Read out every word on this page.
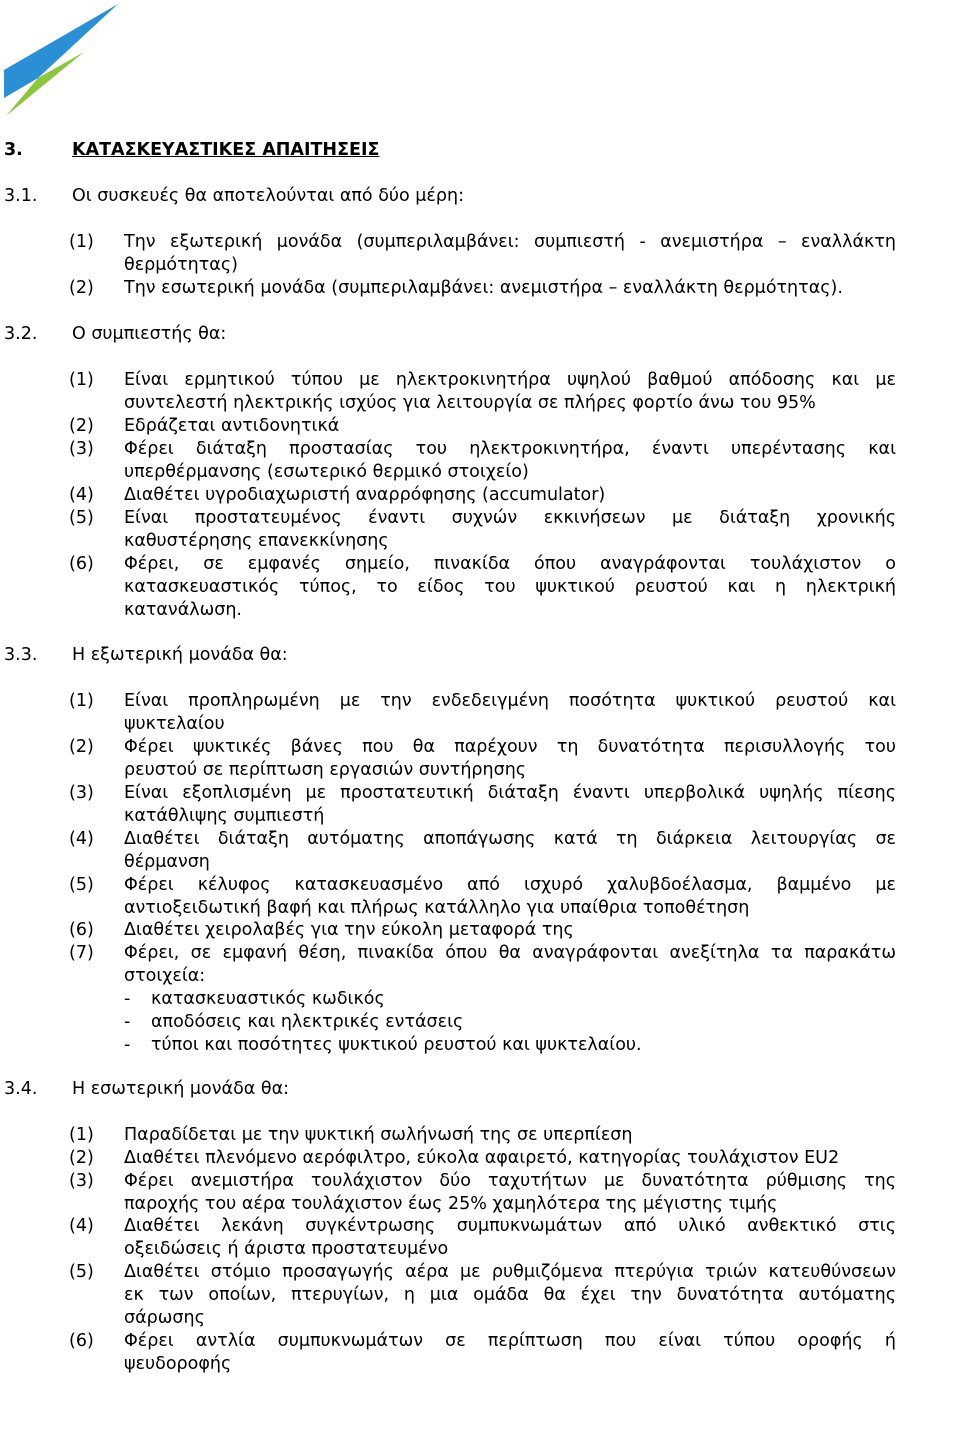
3.	ΚΑΤΑΣΚΕΥΑΣΤΙΚΕΣ ΑΠΑΙΤΗΣΕΙΣ
3.1. Οι συσκευές θα αποτελούνται από δύο μέρη:
(1) Την εξωτερική μονάδα (συμπεριλαμβάνει: συμπιεστή - ανεμιστήρα – εναλλάκτη
θερμότητας)
(2) Την εσωτερική μονάδα (συμπεριλαμβάνει: ανεμιστήρα – εναλλάκτη θερμότητας).
3.2. Ο συμπιεστής θα:
(1) Είναι ερμητικού τύπου με ηλεκτροκινητήρα υψηλού βαθμού απόδοσης και με
συντελεστή ηλεκτρικής ισχύος για λειτουργία σε πλήρες φορτίο άνω του 95%
(2) Εδράζεται αντιδονητικά
(3) Φέρει διάταξη προστασίας του ηλεκτροκινητήρα, έναντι υπερέντασης και
υπερθέρμανσης (εσωτερικό θερμικό στοιχείο)
(4) Διαθέτει υγροδιαχωριστή αναρρόφησης (accumulator)
(5) Είναι προστατευμένος έναντι συχνών εκκινήσεων με διάταξη χρονικής
καθυστέρησης επανεκκίνησης
(6) Φέρει, σε εμφανές σημείο, πινακίδα όπου αναγράφονται τουλάχιστον ο
κατασκευαστικός τύπος, το είδος του ψυκτικού ρευστού και η ηλεκτρική
κατανάλωση.
3.3. Η εξωτερική μονάδα θα:
(1) Είναι προπληρωμένη με την ενδεδειγμένη ποσότητα ψυκτικού ρευστού και
ψυκτελαίου
(2) Φέρει ψυκτικές βάνες που θα παρέχουν τη δυνατότητα περισυλλογής του
ρευστού σε περίπτωση εργασιών συντήρησης
(3) Είναι εξοπλισμένη με προστατευτική διάταξη έναντι υπερβολικά υψηλής πίεσης
κατάθλιψης συμπιεστή
(4) Διαθέτει διάταξη αυτόματης αποπάγωσης κατά τη διάρκεια λειτουργίας σε
θέρμανση
(5) Φέρει κέλυφος κατασκευασμένο από ισχυρό χαλυβδοέλασμα, βαμμένο με
αντιοξειδωτική βαφή και πλήρως κατάλληλο για υπαίθρια τοποθέτηση
(6) Διαθέτει χειρολαβές για την εύκολη μεταφορά της
(7) Φέρει, σε εμφανή θέση, πινακίδα όπου θα αναγράφονται ανεξίτηλα τα παρακάτω
στοιχεία:
- κατασκευαστικός κωδικός
- αποδόσεις και ηλεκτρικές εντάσεις
- τύποι και ποσότητες ψυκτικού ρευστού και ψυκτελαίου.
3.4. Η εσωτερική μονάδα θα:
(1) Παραδίδεται με την ψυκτική σωλήνωσή της σε υπερπίεση
(2) Διαθέτει πλενόμενο αερόφιλτρο, εύκολα αφαιρετό, κατηγορίας τουλάχιστον EU2
(3) Φέρει ανεμιστήρα τουλάχιστον δύο ταχυτήτων με δυνατότητα ρύθμισης της
παροχής του αέρα τουλάχιστον έως 25% χαμηλότερα της μέγιστης τιμής
(4) Διαθέτει λεκάνη συγκέντρωσης συμπυκνωμάτων από υλικό ανθεκτικό στις
οξειδώσεις ή άριστα προστατευμένο
(5) Διαθέτει στόμιο προσαγωγής αέρα με ρυθμιζόμενα πτερύγια τριών κατευθύνσεων
εκ των οποίων, πτερυγίων, η μια ομάδα θα έχει την δυνατότητα αυτόματης
σάρωσης
(6) Φέρει αντλία συμπυκνωμάτων σε περίπτωση που είναι τύπου οροφής ή
ψευδοροφής
